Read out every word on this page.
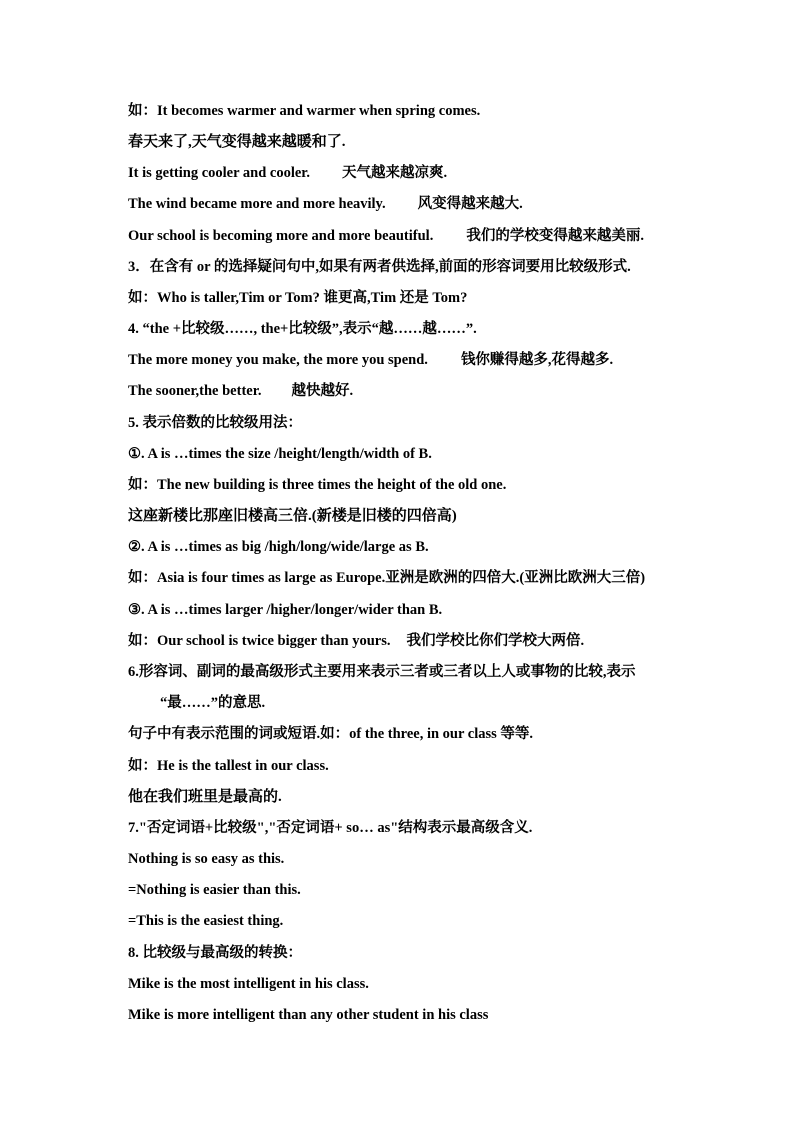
如：It becomes warmer and warmer when spring comes.
春天来了,天气变得越来越暖和了.
It is getting cooler and cooler. 天气越来越凉爽.
The wind became more and more heavily. 风变得越来越大.
Our school is becoming more and more beautiful. 我们的学校变得越来越美丽.
3．在含有 or 的选择疑问句中,如果有两者供选择,前面的形容词要用比较级形式.
如：Who is taller,Tim or Tom? 谁更高,Tim 还是 Tom?
4. “the +比较级……, the+比较级”,表示“越……越……”.
The more money you make, the more you spend. 钱你赚得越多,花得越多.
The sooner,the better. 越快越好.
5. 表示倍数的比较级用法：
①. A is …times the size /height/length/width of B.
如：The new building is three times the height of the old one.
这座新楼比那座旧楼高三倍.(新楼是旧楼的四倍高)
②. A is …times as big /high/long/wide/large as B.
如：Asia is four times as large as Europe.亚洲是欧洲的四倍大.(亚洲比欧洲大三倍)
③. A is …times larger /higher/longer/wider than B.
如：Our school is twice bigger than yours. 我们学校比你们学校大两倍.
6.形容词、副词的最高级形式主要用来表示三者或三者以上人或事物的比较,表示
“最……”的意思.
句子中有表示范围的词或短语.如：of the three, in our class 等等.
如：He is the tallest in our class.
他在我们班里是最高的.
7."否定词语+比较级","否定词语+ so… as"结构表示最高级含义.
Nothing is so easy as this.
=Nothing is easier than this.
=This is the easiest thing.
8. 比较级与最高级的转换：
Mike is the most intelligent in his class.
Mike is more intelligent than any other student in his class
